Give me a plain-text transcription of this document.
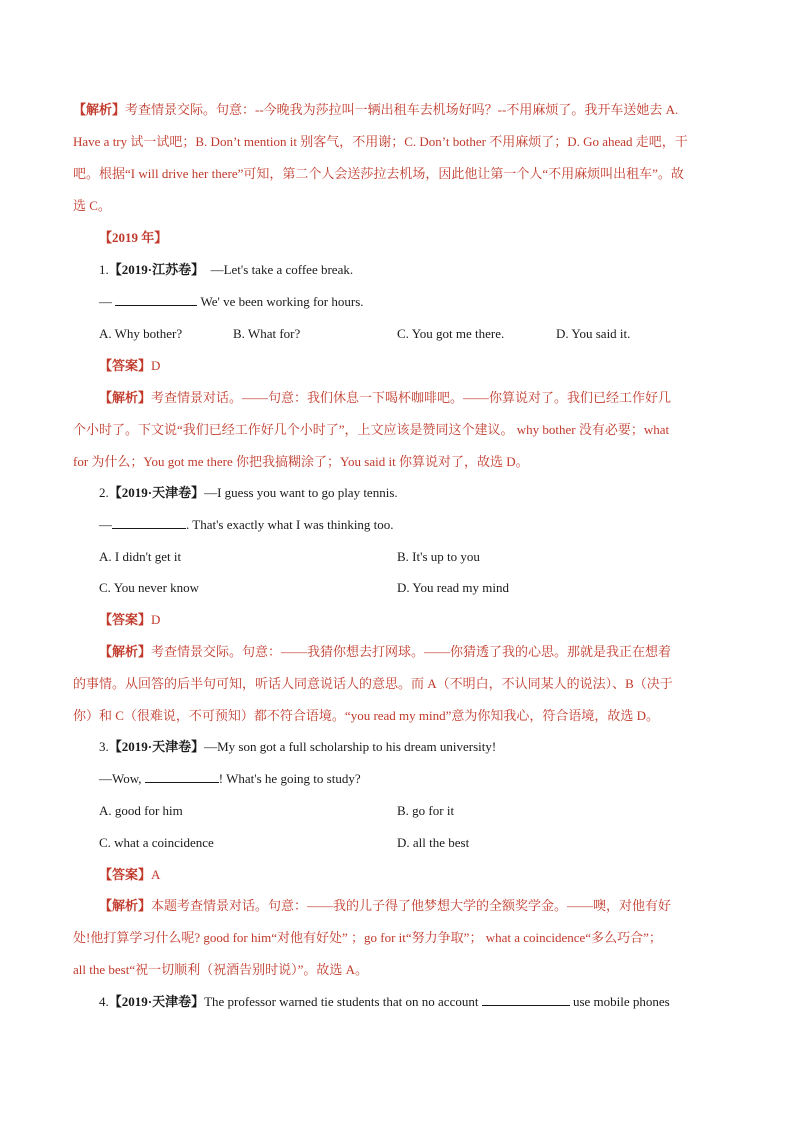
【解析】考查情景交际。句意：--今晚我为莎拉叫一辆出租车去机场好吗？--不用麻烦了。我开车送她去 A.
Have a try 试一试吧；B. Don’t mention it 别客气，不用谢；C. Don’t bother 不用麻烦了；D. Go ahead 走吧，干
吧。根据“I will drive her there”可知，第二个人会送莎拉去机场，因此他让第一个人“不用麻烦叫出租车”。故
选 C。
【2019 年】
1.【2019·江苏卷】 —Let's take a coffee break.
—	We' ve been working for hours.
A. Why bother?	B. What for?	C. You got me there.	D. You said it.
【答案】D
【解析】考查情景对话。——句意：我们休息一下喝杯咖啡吧。——你算说对了。我们已经工作好几
个小时了。下文说“我们已经工作好几个小时了”，上文应该是赞同这个建议。 why bother 没有必要；what
for 为什么；You got me there 你把我搞糊涂了；You said it 你算说对了，故选 D。
2.【2019·天津卷】—I guess you want to go play tennis.
—	. That's exactly what I was thinking too.
A. I didn't get it	B. It's up to you
C. You never know	D. You read my mind
【答案】D
【解析】考查情景交际。句意：——我猜你想去打网球。——你猜透了我的心思。那就是我正在想着
的事情。从回答的后半句可知，听话人同意说话人的意思。而 A（不明白，不认同某人的说法）、B（决于
你）和 C（很难说，不可预知）都不符合语境。“you read my mind”意为你知我心，符合语境，故选 D。
3.【2019·天津卷】—My son got a full scholarship to his dream university!
—Wow,	! What's he going to study?
A. good for him	B. go for it
C. what a coincidence	D. all the best
【答案】A
【解析】本题考查情景对话。句意：——我的儿子得了他梦想大学的全额奖学金。——噢，对他有好
处!他打算学习什么呢? good for him“对他有好处” ；go for it“努力争取”； what a coincidence“多么巧合”；
all the best“祝一切顺利（祝酒告别时说）”。故选 A。
4.【2019·天津卷】The professor warned tie students that on no account	use mobile phones
